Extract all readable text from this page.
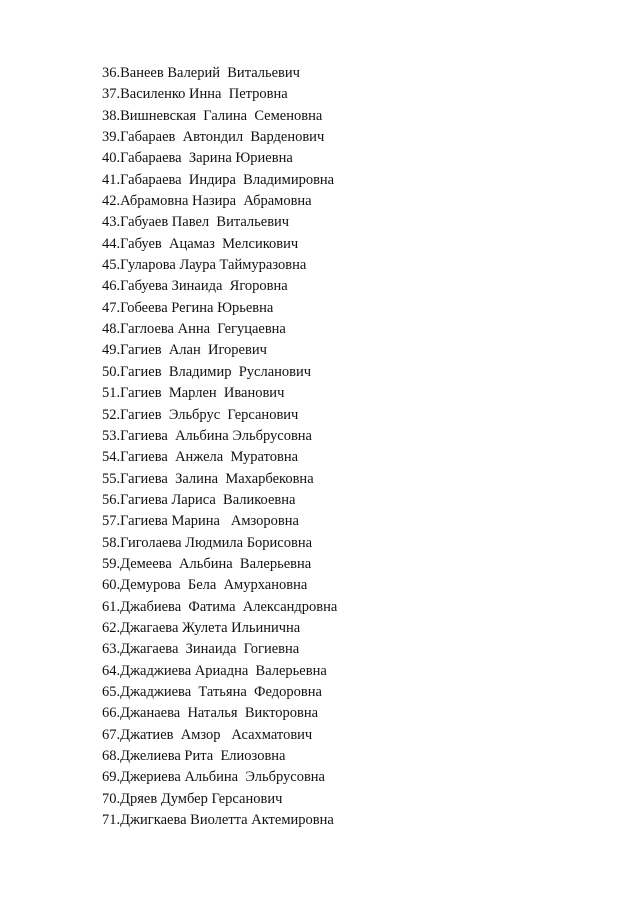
36.Ванеев Валерий  Витальевич
37.Василенко Инна  Петровна
38.Вишневская  Галина  Семеновна
39.Габараев  Автондил  Варденович
40.Габараева  Зарина Юриевна
41.Габараева  Индира  Владимировна
42.Абрамовна Назира  Абрамовна
43.Габуаев Павел  Витальевич
44.Габуев  Ацамаз  Мелсикович
45.Гуларова Лаура Таймуразовна
46.Габуева Зинаида  Ягоровна
47.Гобеева Регина Юрьевна
48.Гаглоева Анна  Гегуцаевна
49.Гагиев  Алан  Игоревич
50.Гагиев  Владимир  Русланович
51.Гагиев  Марлен  Иванович
52.Гагиев  Эльбрус  Герсанович
53.Гагиева  Альбина Эльбрусовна
54.Гагиева  Анжела  Муратовна
55.Гагиева  Залина  Махарбековна
56.Гагиева Лариса  Валикоевна
57.Гагиева Марина   Амзоровна
58.Гиголаева Людмила Борисовна
59.Демеева  Альбина  Валерьевна
60.Демурова  Бела  Амурхановна
61.Джабиева  Фатима  Александровна
62.Джагаева Жулета Ильинична
63.Джагаева  Зинаида  Гогиевна
64.Джаджиева Ариадна  Валерьевна
65.Джаджиева  Татьяна  Федоровна
66.Джанаева  Наталья  Викторовна
67.Джатиев  Амзор   Асахматович
68.Джелиева Рита  Елиозовна
69.Джериева Альбина  Эльбрусовна
70.Дряев Думбер Герсанович
71.Джигкаева Виолетта Актемировна
